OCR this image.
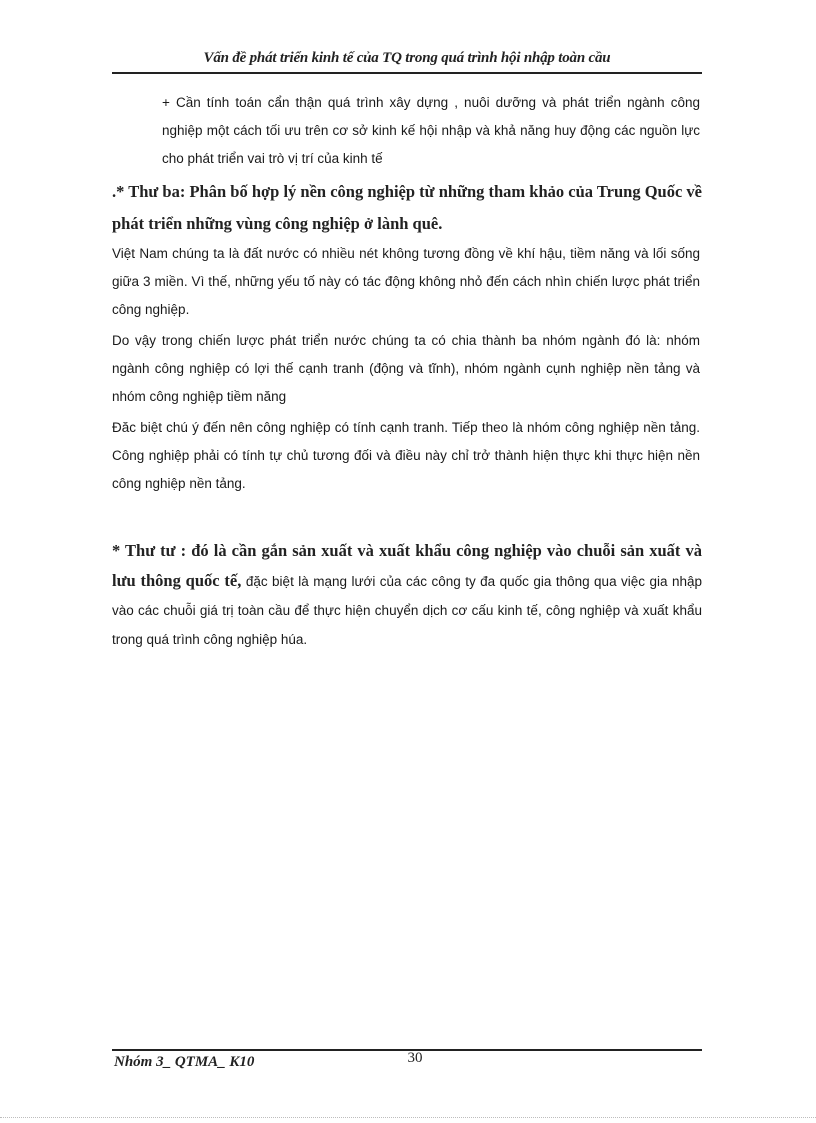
Vấn đề phát triển kinh tế của TQ trong quá trình hội nhập toàn cầu
+ Cần tính toán cẩn thận quá trình xây dựng , nuôi dưỡng và phát triển ngành công nghiệp một cách tối ưu trên cơ sở kinh kế hội nhập và khả năng huy động các nguồn lực cho phát triển vai trò vị trí của kinh tế
.* Thư ba: Phân bố hợp lý nền công nghiệp từ những tham khảo của Trung Quốc về phát triển những vùng công nghiệp ở lành quê.
Việt Nam chúng ta là đất nước có nhiều nét không tương đồng về khí hậu, tiềm năng và lối sống giữa 3 miền. Vì thế, những yếu tố này có tác động không nhỏ đến cách nhìn chiến lược phát triển công nghiệp.
Do vậy trong chiến lược phát triển nước chúng ta có chia thành ba nhóm ngành đó là: nhóm ngành công nghiệp có lợi thế cạnh tranh (động và tĩnh), nhóm ngành cụnh nghiệp nền tảng và nhóm công nghiệp tiềm năng
Đăc biệt chú ý đến nên công nghiệp có tính cạnh tranh. Tiếp theo là nhóm công nghiệp nền tảng. Công nghiệp phải có tính tự chủ tương đối và điều này chỉ trở thành hiện thực khi thực hiện nền công nghiệp nền tảng.
* Thư tư : đó là cần gắn sản xuất và xuất khẩu công nghiệp vào chuỗi sản xuất và lưu thông quốc tế, đặc biệt là mạng lưới của các công ty đa quốc gia thông qua việc gia nhập vào các chuỗi giá trị toàn cầu để thực hiện chuyển dịch cơ cấu kinh tế, công nghiệp và xuất khẩu trong quá trình công nghiệp húa.
Nhóm 3_ QTMA_ K10	30
